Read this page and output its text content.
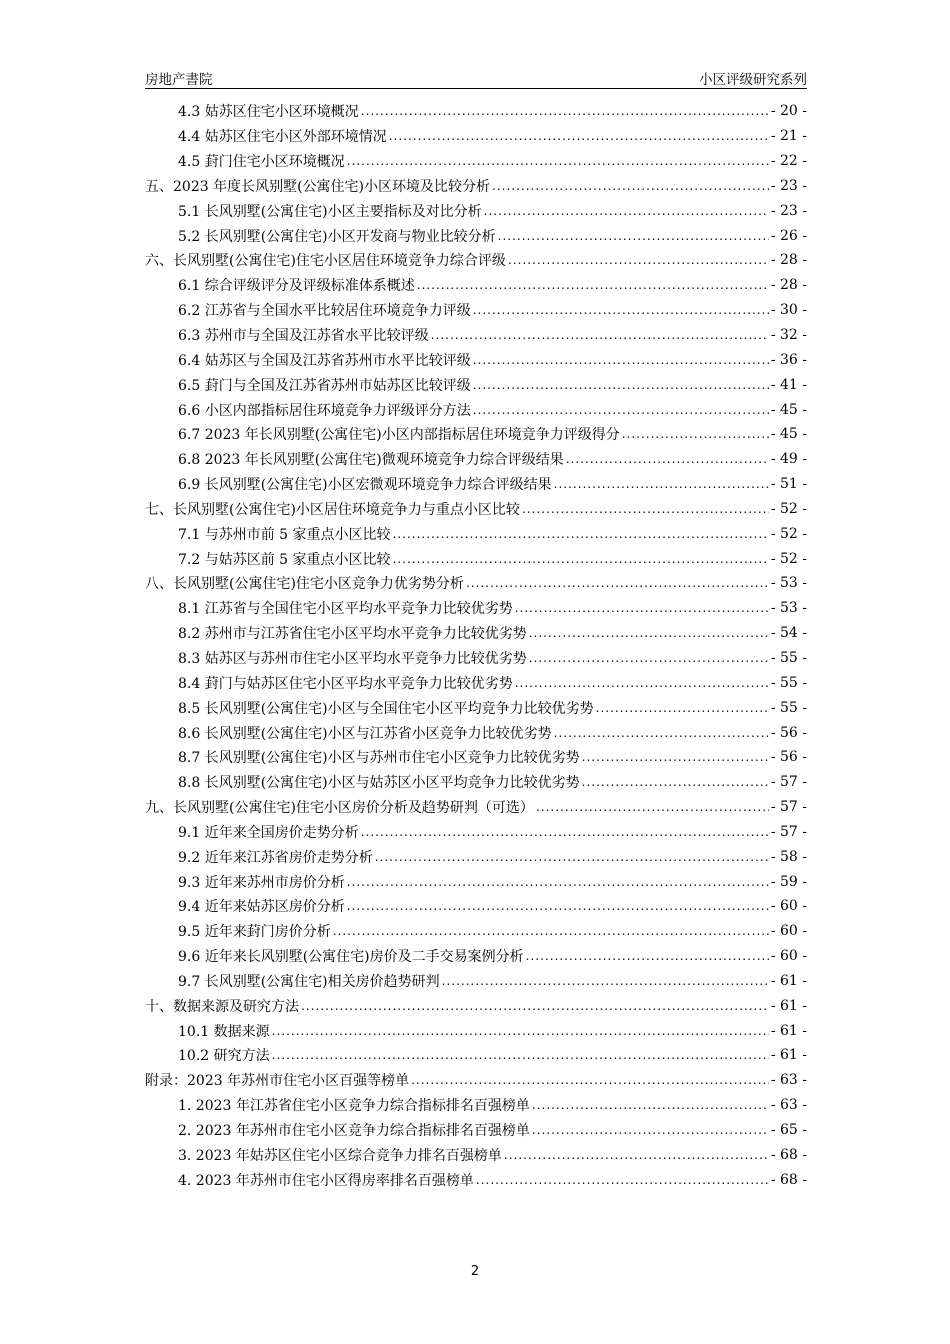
房地产書院	小区评级研究系列
4.3 姑苏区住宅小区环境概况 .....	- 20 -
4.4 姑苏区住宅小区外部环境情况 .....	- 21 -
4.5 葑门住宅小区环境概况 .....	- 22 -
五、2023 年度长风别墅(公寓住宅)小区环境及比较分析 .....	- 23 -
5.1 长风别墅(公寓住宅)小区主要指标及对比分析 .....	- 23 -
5.2 长风别墅(公寓住宅)小区开发商与物业比较分析 .....	- 26 -
六、长风别墅(公寓住宅)住宅小区居住环境竞争力综合评级 .....	- 28 -
6.1 综合评级评分及评级标准体系概述 .....	- 28 -
6.2 江苏省与全国水平比较居住环境竞争力评级 .....	- 30 -
6.3 苏州市与全国及江苏省水平比较评级 .....	- 32 -
6.4 姑苏区与全国及江苏省苏州市水平比较评级 .....	- 36 -
6.5 葑门与全国及江苏省苏州市姑苏区比较评级 .....	- 41 -
6.6 小区内部指标居住环境竞争力评级评分方法 .....	- 45 -
6.7 2023 年长风别墅(公寓住宅)小区内部指标居住环境竞争力评级得分 .....	- 45 -
6.8 2023 年长风别墅(公寓住宅)微观环境竞争力综合评级结果 .....	- 49 -
6.9 长风别墅(公寓住宅)小区宏微观环境竞争力综合评级结果 .....	- 51 -
七、长风别墅(公寓住宅)小区居住环境竞争力与重点小区比较 .....	- 52 -
7.1 与苏州市前 5 家重点小区比较 .....	- 52 -
7.2 与姑苏区前 5 家重点小区比较 .....	- 52 -
八、长风别墅(公寓住宅)住宅小区竞争力优劣势分析 .....	- 53 -
8.1 江苏省与全国住宅小区平均水平竞争力比较优劣势 .....	- 53 -
8.2 苏州市与江苏省住宅小区平均水平竞争力比较优劣势 .....	- 54 -
8.3 姑苏区与苏州市住宅小区平均水平竞争力比较优劣势 .....	- 55 -
8.4 葑门与姑苏区住宅小区平均水平竞争力比较优劣势 .....	- 55 -
8.5 长风别墅(公寓住宅)小区与全国住宅小区平均竞争力比较优劣势 .....	- 55 -
8.6 长风别墅(公寓住宅)小区与江苏省小区竞争力比较优劣势 .....	- 56 -
8.7 长风别墅(公寓住宅)小区与苏州市住宅小区竞争力比较优劣势 .....	- 56 -
8.8 长风别墅(公寓住宅)小区与姑苏区小区平均竞争力比较优劣势 .....	- 57 -
九、长风别墅(公寓住宅)住宅小区房价分析及趋势研判（可选） .....	- 57 -
9.1 近年来全国房价走势分析 .....	- 57 -
9.2 近年来江苏省房价走势分析 .....	- 58 -
9.3 近年来苏州市房价分析 .....	- 59 -
9.4 近年来姑苏区房价分析 .....	- 60 -
9.5 近年来葑门房价分析 .....	- 60 -
9.6 近年来长风别墅(公寓住宅)房价及二手交易案例分析 .....	- 60 -
9.7 长风别墅(公寓住宅)相关房价趋势研判 .....	- 61 -
十、数据来源及研究方法 .....	- 61 -
10.1 数据来源 .....	- 61 -
10.2 研究方法 .....	- 61 -
附录：2023 年苏州市住宅小区百强等榜单 .....	- 63 -
1. 2023 年江苏省住宅小区竞争力综合指标排名百强榜单 .....	- 63 -
2. 2023 年苏州市住宅小区竞争力综合指标排名百强榜单 .....	- 65 -
3. 2023 年姑苏区住宅小区综合竞争力排名百强榜单 .....	- 68 -
4. 2023 年苏州市住宅小区得房率排名百强榜单 .....	- 68 -
2
